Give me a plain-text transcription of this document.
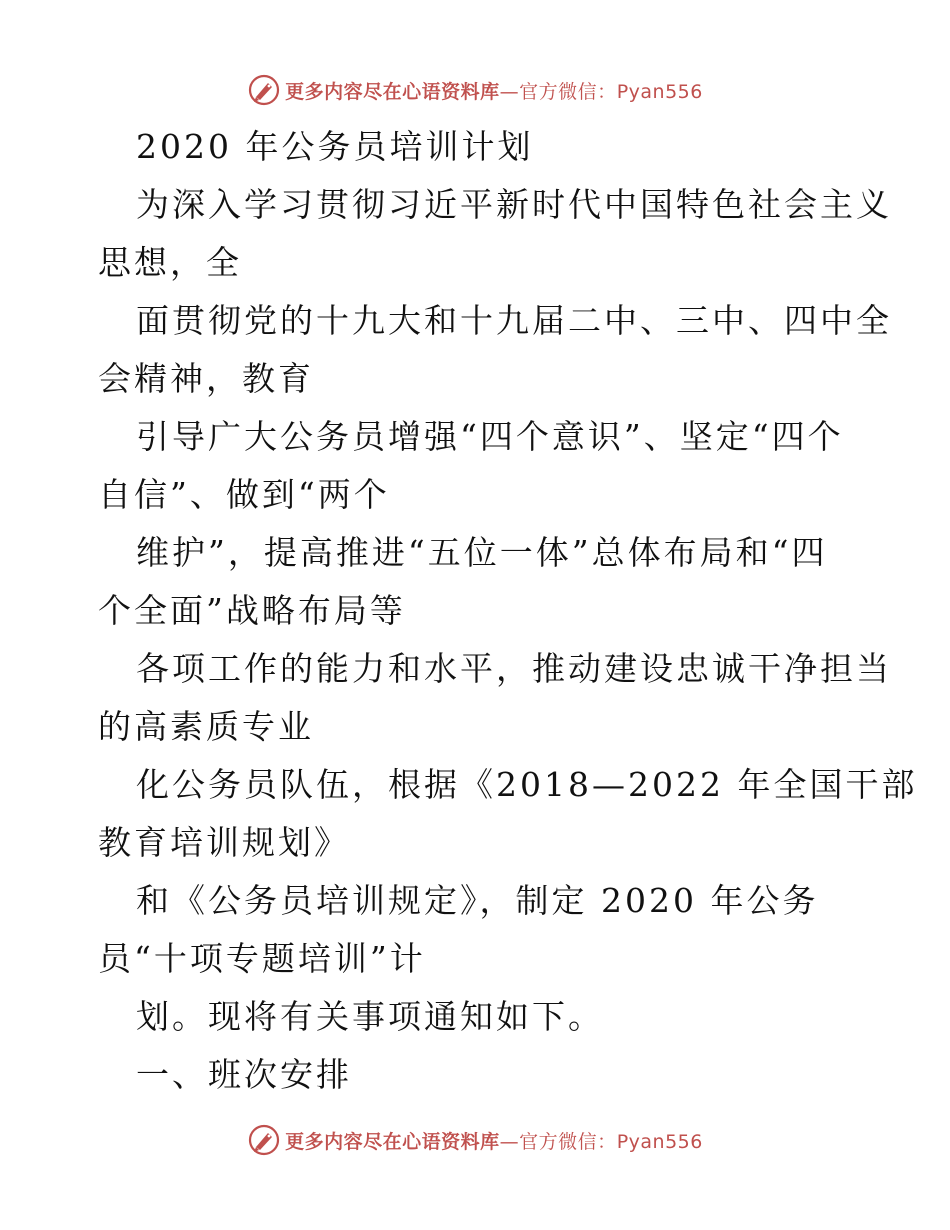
更多内容尽在心语资料库—官方微信：Pyan556
2020 年公务员培训计划
为深入学习贯彻习近平新时代中国特色社会主义
思想，全
面贯彻党的十九大和十九届二中、三中、四中全
会精神，教育
引导广大公务员增强“四个意识”、坚定“四个
自信”、做到“两个
维护”，提高推进“五位一体”总体布局和“四
个全面”战略布局等
各项工作的能力和水平，推动建设忠诚干净担当
的高素质专业
化公务员队伍，根据《2018—2022 年全国干部
教育培训规划》
和《公务员培训规定》，制定 2020 年公务
员“十项专题培训”计
划。现将有关事项通知如下。
一、班次安排
更多内容尽在心语资料库—官方微信：Pyan556
